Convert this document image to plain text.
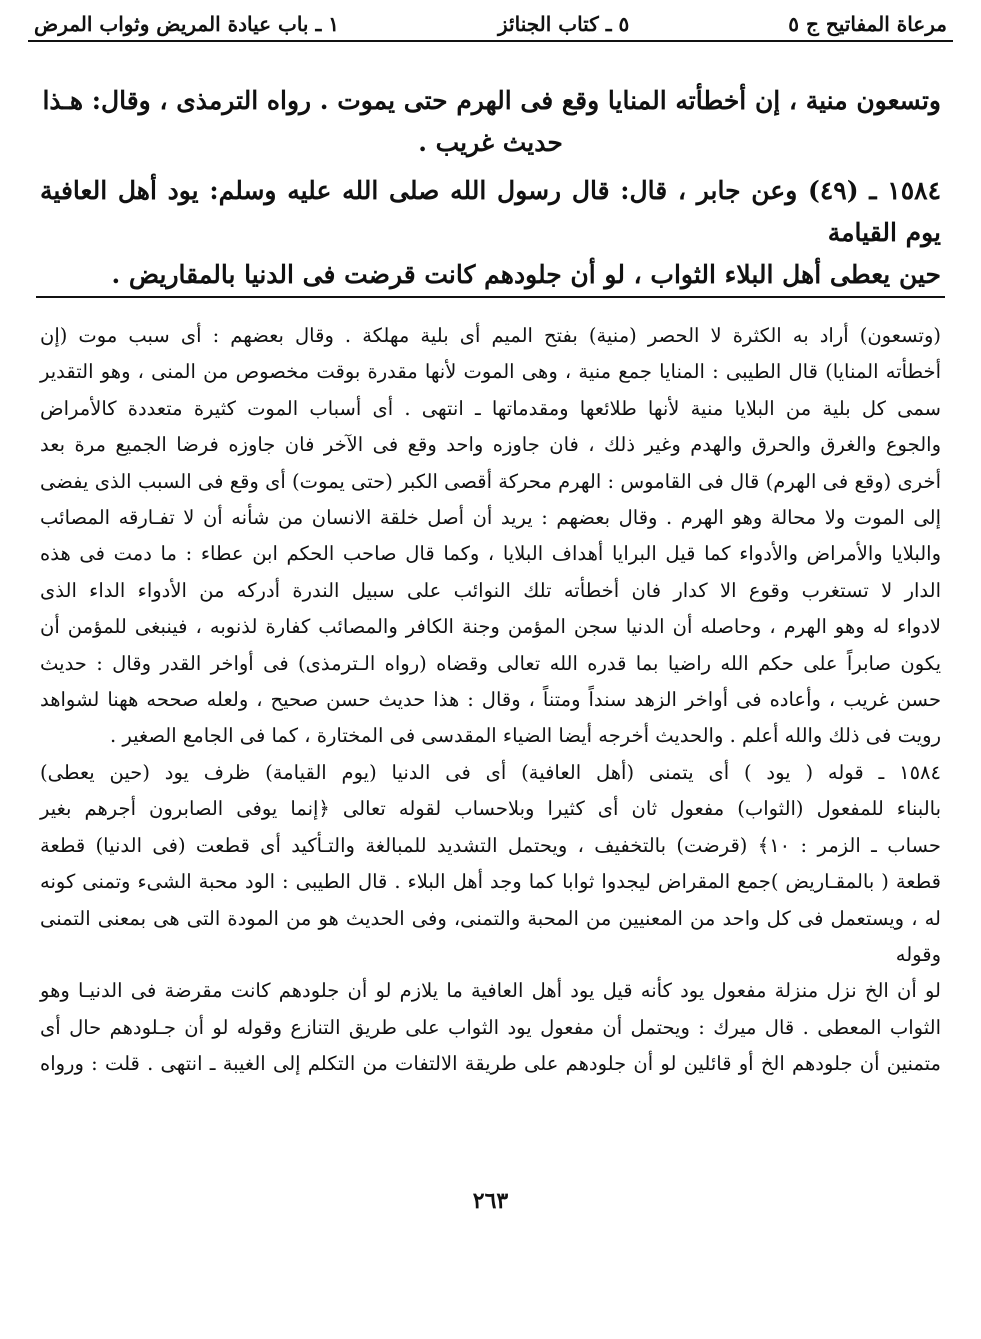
مرعاة المفاتيح ج ٥
٥ ـ كتاب الجنائز
١ ـ باب عيادة المريض وثواب المرض

وتسعون منية ، إن أخطأته المنايا وقع فى الهرم حتى يموت . رواه الترمذى ، وقال: هـذا

حديث غريب .

١٥٨٤ ـ (٤٩) وعن جابر ، قال: قال رسول الله صلى الله عليه وسلم: يود أهل العافية يوم القيامة

حين يعطى أهل البلاء الثواب ، لو أن جلودهم كانت قرضت فى الدنيا بالمقاريض .

(وتسعون) أراد به الكثرة لا الحصر (منية) بفتح الميم أى بلية مهلكة . وقال بعضهم : أى سبب موت (إن

أخطأته المنايا) قال الطيبى : المنايا جمع منية ، وهى الموت لأنها مقدرة بوقت مخصوص من المنى ، وهو التقدير

سمى كل بلية من البلايا منية لأنها طلائعها ومقدماتها ـ انتهى . أى أسباب الموت كثيرة متعددة كالأمراض

والجوع والغرق والحرق والهدم وغير ذلك ، فان جاوزه واحد وقع فى الآخر فان جاوزه فرضا الجميع مرة بعد

أخرى (وقع فى الهرم) قال فى القاموس : الهرم محركة أقصى الكبر (حتى يموت) أى وقع فى السبب الذى يفضى

إلى الموت ولا محالة وهو الهرم . وقال بعضهم : يريد أن أصل خلقة الانسان من شأنه أن لا تفـارقه المصائب

والبلايا والأمراض والأدواء كما قيل البرايا أهداف البلايا ، وكما قال صاحب الحكم ابن عطاء : ما دمت فى هذه

الدار لا تستغرب وقوع الا كدار فان أخطأته تلك النوائب على سبيل الندرة أدركه من الأدواء الداء الذى

لادواء له وهو الهرم ، وحاصله أن الدنيا سجن المؤمن وجنة الكافر والمصائب كفارة لذنوبه ، فينبغى للمؤمن أن

يكون صابراً على حكم الله راضيا بما قدره الله تعالى وقضاه (رواه الـترمذى) فى أواخر القدر وقال : حديث

حسن غريب ، وأعاده فى أواخر الزهد سنداً ومتناً ، وقال : هذا حديث حسن صحيح ، ولعله صححه ههنا لشواهد

رويت فى ذلك والله أعلم . والحديث أخرجه أيضا الضياء المقدسى فى المختارة ، كما فى الجامع الصغير .

١٥٨٤ ـ قوله ( يود ) أى يتمنى (أهل العافية) أى فى الدنيا (يوم القيامة) ظرف يود (حين يعطى)

بالبناء للمفعول (الثواب) مفعول ثان أى كثيرا وبلاحساب لقوله تعالى ﴿إنما يوفى الصابرون أجرهم بغير

حساب ـ الزمر : ١٠﴾ (قرضت) بالتخفيف ، ويحتمل التشديد للمبالغة والتـأكيد أى قطعت (فى الدنيا) قطعة

قطعة ( بالمقـاريض )جمع المقراض ليجدوا ثوابا كما وجد أهل البلاء . قال الطيبى : الود محبة الشىء وتمنى كونه

له ، ويستعمل فى كل واحد من المعنيين من المحبة والتمنى، وفى الحديث هو من المودة التى هى بمعنى التمنى وقوله

لو أن الخ نزل منزلة مفعول يود كأنه قيل يود أهل العافية ما يلازم لو أن جلودهم كانت مقرضة فى الدنيـا وهو

الثواب المعطى . قال ميرك : ويحتمل أن مفعول يود الثواب على طريق التنازع وقوله لو أن جـلودهم حال أى

متمنين أن جلودهم الخ أو قائلين لو أن جلودهم على طريقة الالتفات من التكلم إلى الغيبة ـ انتهى . قلت : ورواه

٢٦٣
